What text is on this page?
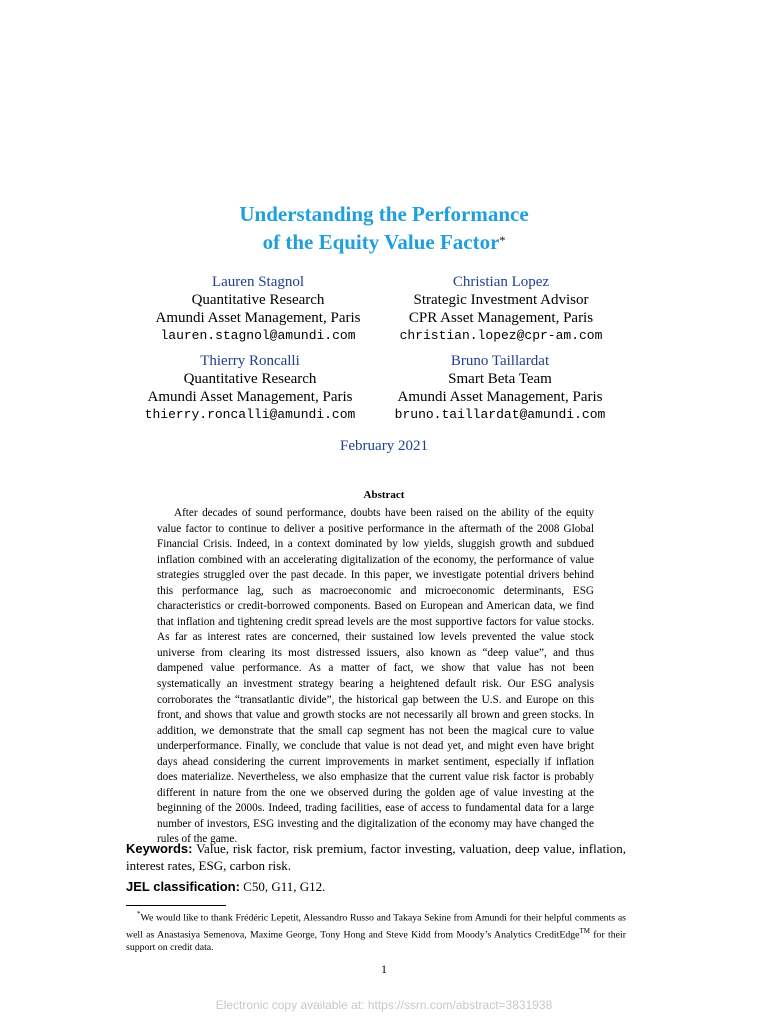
Understanding the Performance
of the Equity Value Factor*
Lauren Stagnol
Quantitative Research
Amundi Asset Management, Paris
lauren.stagnol@amundi.com
Christian Lopez
Strategic Investment Advisor
CPR Asset Management, Paris
christian.lopez@cpr-am.com
Thierry Roncalli
Quantitative Research
Amundi Asset Management, Paris
thierry.roncalli@amundi.com
Bruno Taillardat
Smart Beta Team
Amundi Asset Management, Paris
bruno.taillardat@amundi.com
February 2021
Abstract
After decades of sound performance, doubts have been raised on the ability of the equity value factor to continue to deliver a positive performance in the aftermath of the 2008 Global Financial Crisis. Indeed, in a context dominated by low yields, sluggish growth and subdued inflation combined with an accelerating digitalization of the economy, the performance of value strategies struggled over the past decade. In this paper, we investigate potential drivers behind this performance lag, such as macroeconomic and microeconomic determinants, ESG characteristics or credit-borrowed components. Based on European and American data, we find that inflation and tightening credit spread levels are the most supportive factors for value stocks. As far as interest rates are concerned, their sustained low levels prevented the value stock universe from clearing its most distressed issuers, also known as “deep value”, and thus dampened value performance. As a matter of fact, we show that value has not been systematically an investment strategy bearing a heightened default risk. Our ESG analysis corroborates the “transatlantic divide”, the historical gap between the U.S. and Europe on this front, and shows that value and growth stocks are not necessarily all brown and green stocks. In addition, we demonstrate that the small cap segment has not been the magical cure to value underperformance. Finally, we conclude that value is not dead yet, and might even have bright days ahead considering the current improvements in market sentiment, especially if inflation does materialize. Nevertheless, we also emphasize that the current value risk factor is probably different in nature from the one we observed during the golden age of value investing at the beginning of the 2000s. Indeed, trading facilities, ease of access to fundamental data for a large number of investors, ESG investing and the digitalization of the economy may have changed the rules of the game.
Keywords: Value, risk factor, risk premium, factor investing, valuation, deep value, inflation, interest rates, ESG, carbon risk.
JEL classification: C50, G11, G12.
*We would like to thank Frédéric Lepetit, Alessandro Russo and Takaya Sekine from Amundi for their helpful comments as well as Anastasiya Semenova, Maxime George, Tony Hong and Steve Kidd from Moody’s Analytics CreditEdge™ for their support on credit data.
1
Electronic copy available at: https://ssrn.com/abstract=3831938
